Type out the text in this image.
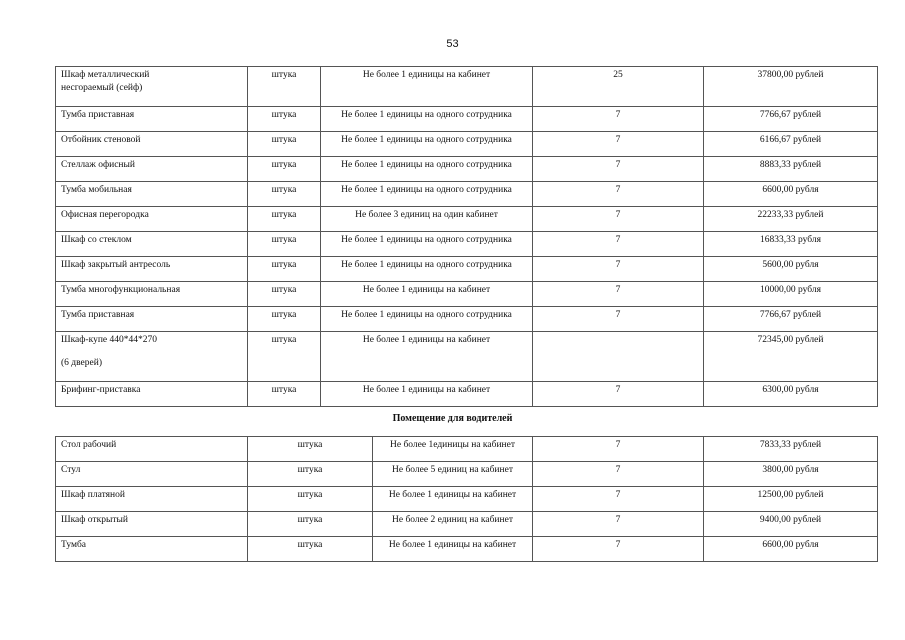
53
Шкаф металлический
несгораемый (сейф)	штука	Не более 1 единицы на кабинет	25	37800,00 рублей
Тумба приставная	штука	Не более 1 единицы на одного сотрудника	7	7766,67 рублей
Отбойник стеновой	штука	Не более 1 единицы на одного сотрудника	7	6166,67 рублей
Стеллаж офисный	штука	Не более 1 единицы на одного сотрудника	7	8883,33 рублей
Тумба мобильная	штука	Не более 1 единицы на одного сотрудника	7	6600,00 рубля
Офисная перегородка	штука	Не более 3 единиц на один кабинет	7	22233,33 рублей
Шкаф со стеклом	штука	Не более 1 единицы на одного сотрудника	7	16833,33 рубля
Шкаф закрытый антресоль	штука	Не более 1 единицы на одного сотрудника	7	5600,00 рубля
Тумба многофункциональная	штука	Не более 1 единицы на кабинет	7	10000,00 рубля
Тумба приставная	штука	Не более 1 единицы на одного сотрудника	7	7766,67 рублей
Шкаф-купе 440*44*270
(6 дверей)	штука	Не более 1 единицы на кабинет		72345,00 рублей
Брифинг-приставка	штука	Не более 1 единицы на кабинет	7	6300,00 рубля
Помещение для водителей
Стол рабочий	штука	Не более 1единицы на кабинет	7	7833,33 рублей
Стул	штука	Не более 5 единиц на кабинет	7	3800,00 рубля
Шкаф платяной	штука	Не более 1 единицы на кабинет	7	12500,00 рублей
Шкаф открытый	штука	Не более 2 единиц на кабинет	7	9400,00 рублей
Тумба	штука	Не более 1 единицы на кабинет	7	6600,00 рубля
